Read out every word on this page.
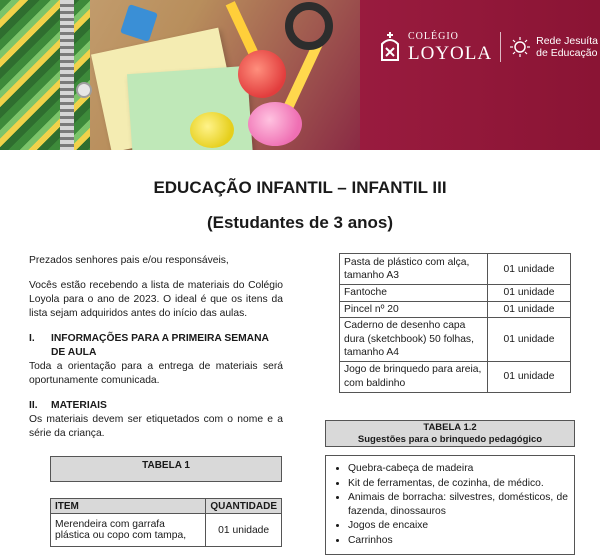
COLÉGIO
LOYOLA
Rede Jesuíta
de Educação
EDUCAÇÃO INFANTIL – INFANTIL III
(Estudantes de 3 anos)

Prezados senhores pais e/ou responsáveis,

Vocês estão recebendo a lista de materiais do Colégio Loyola para o ano de 2023. O ideal é que os itens da lista sejam adquiridos antes do início das aulas.

I.	INFORMAÇÕES PARA A PRIMEIRA SEMANA DE AULA

Toda a orientação para a entrega de materiais será oportunamente comunicada.

II.	MATERIAIS

Os materiais devem ser etiquetados com o nome e a série da criança.

TABELA 1
ITEM	QUANTIDADE
Merendeira com garrafa plástica ou copo com tampa,	01 unidade
Pasta de plástico com alça, tamanho A3	01 unidade
Fantoche	01 unidade
Pincel nº 20	01 unidade
Caderno de desenho capa dura (sketchbook) 50 folhas, tamanho A4	01 unidade
Jogo de brinquedo para areia, com baldinho	01 unidade
TABELA 1.2
Sugestões para o brinquedo pedagógico
• Quebra-cabeça de madeira
• Kit de ferramentas, de cozinha, de médico.
• Animais de borracha: silvestres, domésticos, de fazenda, dinossauros
• Jogos de encaixe
• Carrinhos
